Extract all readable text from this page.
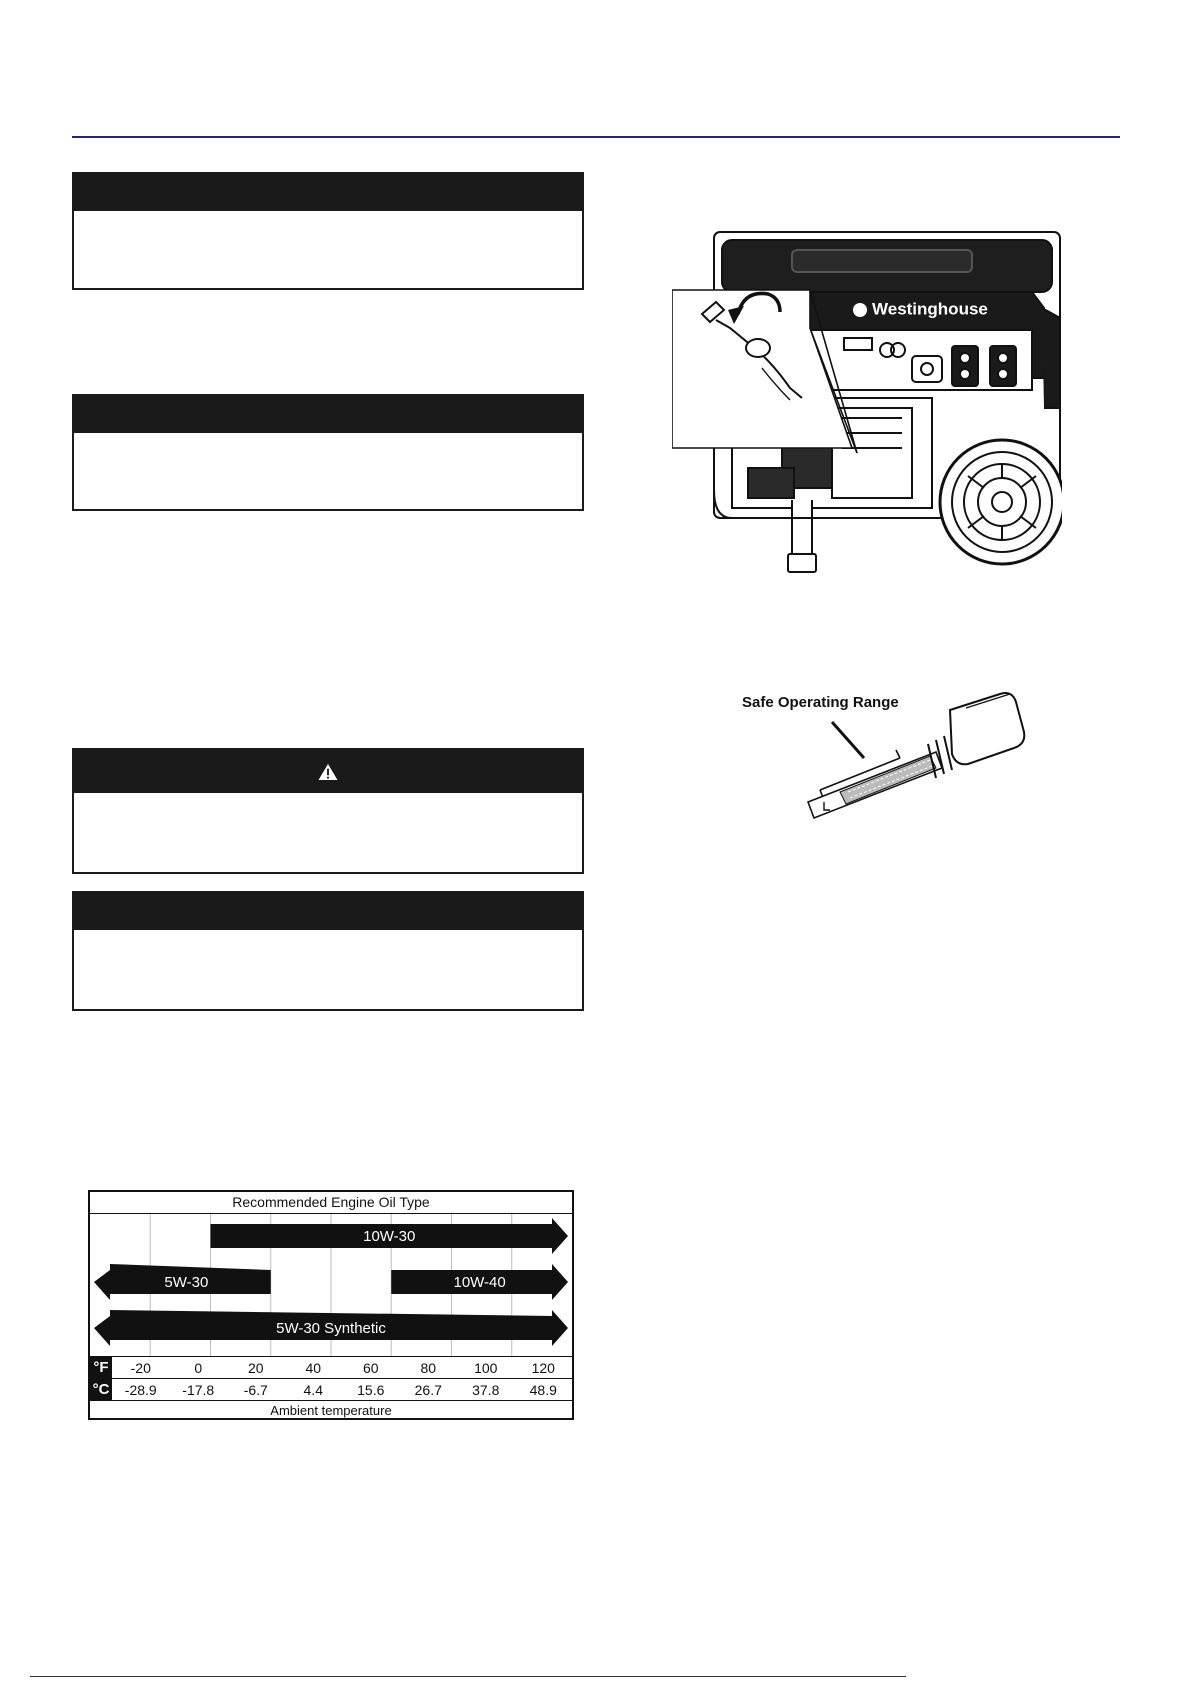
Westinghouse
Safe Operating Range
Recommended Engine Oil Type
10W-30
5W-30	10W-40
5W-30 Synthetic
°F	-20	0	20	40	60	80	100	120
°C	-28.9	-17.8	-6.7	4.4	15.6	26.7	37.8	48.9
Ambient temperature
